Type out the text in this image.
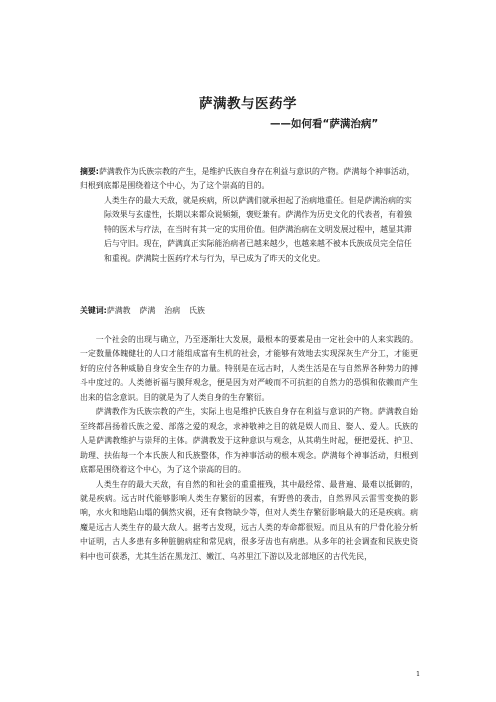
萨满教与医药学
——如何看“萨满治病”

摘要:萨满教作为氏族宗教的产生，是维护氏族自身存在利益与意识的产物。萨满每个神事活动，归根到底都是围绕着这个中心，为了这个崇高的目的。

人类生存的最大天敌，就是疾病，所以萨满们就承担起了治病地重任。但是萨满治病的实际效果与玄虚性，长期以来都众说频頻，褒贬兼有。萨满作为历史文化的代表者，有着独特的医术与疗法，在当时有其一定的实用价值。但萨满治病在文明发展过程中，越显其滞后与守旧。现在，萨满真正实际能治病者已越来越少，也越来越不被本氏族成员完全信任和重视。萨满院士医药疗术与行为，早已成为了昨天的文化史。

关键词:萨满教 萨满 治病 氏族

一个社会的出现与确立，乃至逐渐壮大发展，最根本的要素是由一定社会中的人来实践的。一定数量体魄健壮的人口才能组成富有生机的社会，才能够有效地去实现深灰生产分工，才能更好的应付各种威胁自身安全生存的力量。特别是在远古时，人类生活是在与自然界各种势力的搏斗中度过的。人类德祈福与膜拜观念，便是因为对严峻而不可抗拒的自然力的恐惧和依赖而产生出来的信念意识。目的就是为了人类自身的生存繁衍。

萨满教作为氏族宗教的产生，实际上也是维护氏族自身存在利益与意识的产物。萨满教自始至终都昌扬着氏族之爱、部落之爱的观念，求神敬神之目的就是娱人而且、娶人、爱人。氏族的人是萨满教维护与崇拜的主体。萨满教发于这种意识与观念，从其萌生时起，便把爱抚、护卫、助理、扶佑每一个本氏族人和氏族整体，作为神事活动的根本观念。萨满每个神事活动，归根到底都是围绕着这个中心，为了这个崇高的目的。

人类生存的最大天敌，有自然的和社会的重重摧残，其中最经常、最普遍、最难以抵御的，就是疾病。远古时代能够影响人类生存繁衍的因素，有野兽的袭击，自然界风云雷雪变换的影响，水火和地陷山塌的偶然灾祸，还有食物缺少等，但对人类生存繁衍影响最大的还是疾病。病魔是远古人类生存的最大敌人。据考古发现，远古人类的寿命都很短。而且从有的尸骨化验分析中证明，古人多患有多种脏腑病症和常见病，很多牙齿也有病患。从多年的社会调查和民族史资料中也可获悉，尤其生活在黑龙江、嫩江、乌苏里江下游以及北部地区的古代先民，

1
